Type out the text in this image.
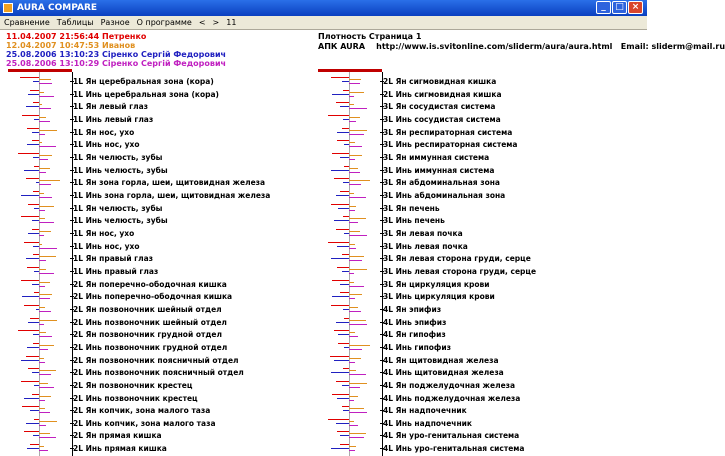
AURA COMPARE	_	□ ×
Сравнение Таблицы Разное О программе < > 11
11.04.2007 21:56:44 Петренко
12.04.2007 10:47:53 Иванов
25.08.2006 13:10:23 Сіренко Сергій Федорович
25.08.2006 13:10:29 Сіренко Сергій Федорович
Плотность Страница 1
АПК AURA http://www.is.svitonline.com/sliderm/aura/aura.html Email: sliderm@mail.ru
1L Ян церебральная зона (кора)
1L Инь церебральная зона (кора)
1L Ян левый глаз
1L Инь левый глаз
1L Ян нос, ухо
1L Инь нос, ухо
1L Ян челюсть, зубы
1L Инь челюсть, зубы
1L Ян зона горла, шеи, щитовидная железа
1L Инь зона горла, шеи, щитовидная железа
1L Ян челюсть, зубы
1L Инь челюсть, зубы
1L Ян нос, ухо
1L Инь нос, ухо
1L Ян правый глаз
1L Инь правый глаз
2L Ян поперечно-ободочная кишка
2L Инь поперечно-ободочная кишка
2L Ян позвоночник шейный отдел
2L Инь позвоночник шейный отдел
2L Ян позвоночник грудной отдел
2L Инь позвоночник грудной отдел
2L Ян позвоночник поясничный отдел
2L Инь позвоночник поясничный отдел
2L Ян позвоночник крестец
2L Инь позвоночник крестец
2L Ян копчик, зона малого таза
2L Инь копчик, зона малого таза
2L Ян прямая кишка
2L Инь прямая кишка
2L Ян сигмовидная кишка
2L Инь сигмовидная кишка
3L Ян сосудистая система
3L Инь сосудистая система
3L Ян респираторная система
3L Инь респираторная система
3L Ян иммунная система
3L Инь иммунная система
3L Ян абдоминальная зона
3L Инь абдоминальная зона
3L Ян печень
3L Инь печень
3L Ян левая почка
3L Инь левая почка
3L Ян левая сторона груди, серце
3L Инь левая сторона груди, серце
3L Ян циркуляция крови
3L Инь циркуляция крови
4L Ян эпифиз
4L Инь эпифиз
4L Ян гипофиз
4L Инь гипофиз
4L Ян щитовидная железа
4L Инь щитовидная железа
4L Ян поджелудочная железа
4L Инь поджелудочная железа
4L Ян надпочечник
4L Инь надпочечник
4L Ян уро-генитальная система
4L Инь уро-генитальная система
